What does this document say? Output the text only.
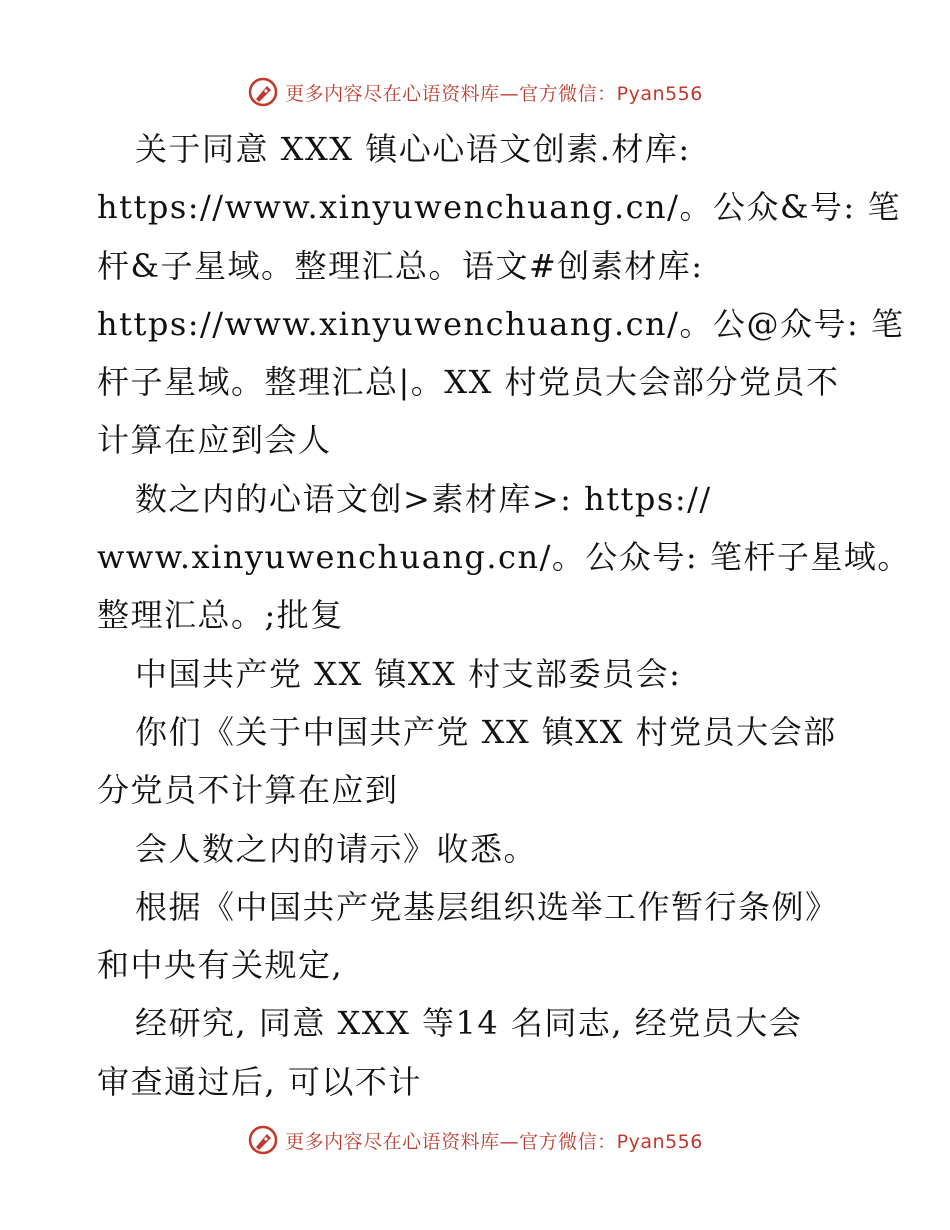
更多内容尽在心语资料库—官方微信：Pyan556
关于同意 XXX 镇心心语文创素.材库:
https://www.xinyuwenchuang.cn/。公众&号: 笔
杆&子星域。整理汇总。语文#创素材库:
https://www.xinyuwenchuang.cn/。公@众号: 笔
杆子星域。整理汇总|。XX 村党员大会部分党员不
计算在应到会人
数之内的心语文创>素材库>: https://
www.xinyuwenchuang.cn/。公众号: 笔杆子星域。
整理汇总。;批复
中国共产党 XX 镇XX 村支部委员会:
你们《关于中国共产党 XX 镇XX 村党员大会部
分党员不计算在应到
会人数之内的请示》收悉。
根据《中国共产党基层组织选举工作暂行条例》
和中央有关规定,
经研究, 同意 XXX 等14 名同志, 经党员大会
审查通过后, 可以不计
更多内容尽在心语资料库—官方微信：Pyan556
